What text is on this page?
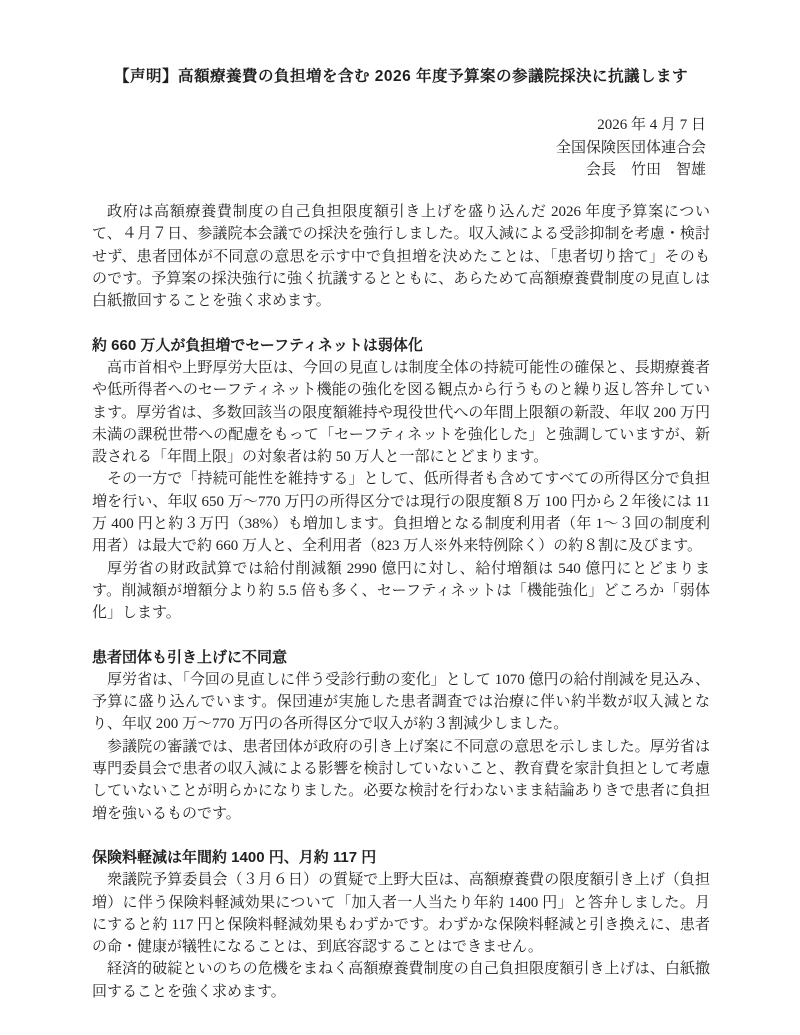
【声明】高額療養費の負担増を含む 2026 年度予算案の参議院採決に抗議します
2026 年 4 月 7 日
全国保険医団体連合会
会長　竹田　智雄

政府は高額療養費制度の自己負担限度額引き上げを盛り込んだ 2026 年度予算案について、４月７日、参議院本会議での採決を強行しました。収入減による受診抑制を考慮・検討せず、患者団体が不同意の意思を示す中で負担増を決めたことは、「患者切り捨て」そのものです。予算案の採決強行に強く抗議するとともに、あらためて高額療養費制度の見直しは白紙撤回することを強く求めます。

約 660 万人が負担増でセーフティネットは弱体化

高市首相や上野厚労大臣は、今回の見直しは制度全体の持続可能性の確保と、長期療養者や低所得者へのセーフティネット機能の強化を図る観点から行うものと繰り返し答弁しています。厚労省は、多数回該当の限度額維持や現役世代への年間上限額の新設、年収 200 万円未満の課税世帯への配慮をもって「セーフティネットを強化した」と強調していますが、新設される「年間上限」の対象者は約 50 万人と一部にとどまります。

その一方で「持続可能性を維持する」として、低所得者も含めてすべての所得区分で負担増を行い、年収 650 万～770 万円の所得区分では現行の限度額８万 100 円から２年後には 11 万 400 円と約３万円（38%）も増加します。負担増となる制度利用者（年 1～３回の制度利用者）は最大で約 660 万人と、全利用者（823 万人※外来特例除く）の約８割に及びます。

厚労省の財政試算では給付削減額 2990 億円に対し、給付増額は 540 億円にとどまります。削減額が増額分より約 5.5 倍も多く、セーフティネットは「機能強化」どころか「弱体化」します。

患者団体も引き上げに不同意

厚労省は、「今回の見直しに伴う受診行動の変化」として 1070 億円の給付削減を見込み、予算に盛り込んでいます。保団連が実施した患者調査では治療に伴い約半数が収入減となり、年収 200 万～770 万円の各所得区分で収入が約３割減少しました。

参議院の審議では、患者団体が政府の引き上げ案に不同意の意思を示しました。厚労省は専門委員会で患者の収入減による影響を検討していないこと、教育費を家計負担として考慮していないことが明らかになりました。必要な検討を行わないまま結論ありきで患者に負担増を強いるものです。

保険料軽減は年間約 1400 円、月約 117 円

衆議院予算委員会（３月６日）の質疑で上野大臣は、高額療養費の限度額引き上げ（負担増）に伴う保険料軽減効果について「加入者一人当たり年約 1400 円」と答弁しました。月にすると約 117 円と保険料軽減効果もわずかです。わずかな保険料軽減と引き換えに、患者の命・健康が犠牲になることは、到底容認することはできません。

経済的破綻といのちの危機をまねく高額療養費制度の自己負担限度額引き上げは、白紙撤回することを強く求めます。
